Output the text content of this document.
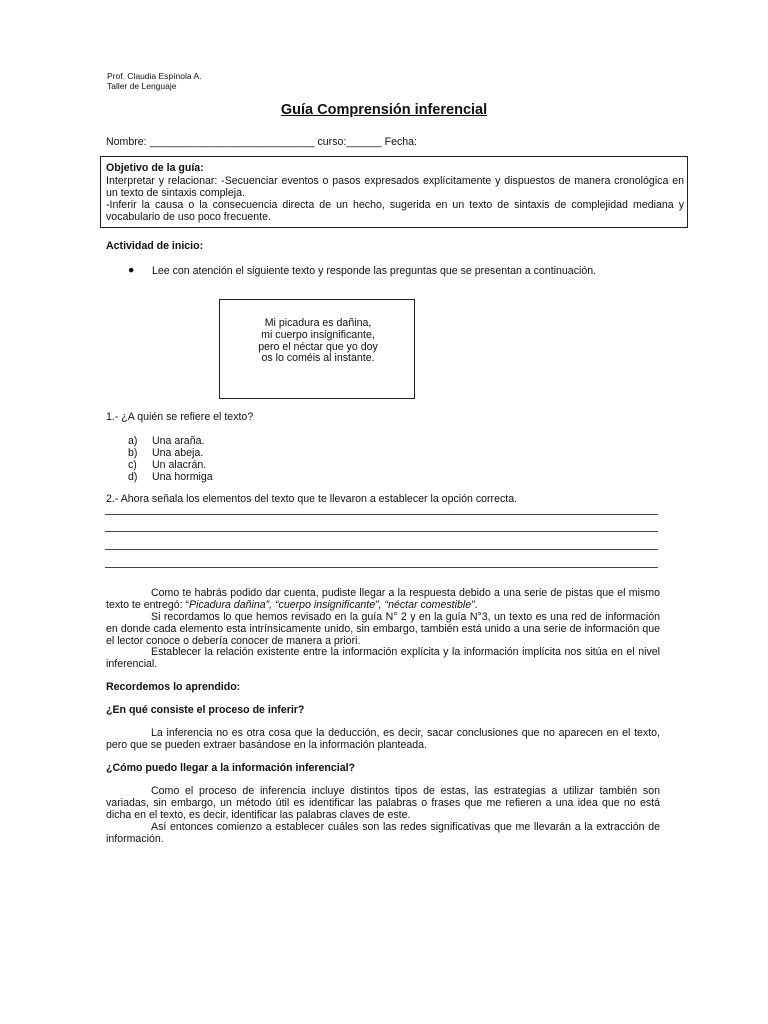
Prof. Claudia Espínola A.
Taller de Lenguaje
Guía Comprensión inferencial
Nombre: ____________________________ curso:______ Fecha:
Objetivo de la guía:
Interpretar y relacionar: -Secuenciar eventos o pasos expresados explícitamente y dispuestos de manera cronológica en un texto de sintaxis compleja.
-Inferir la causa o la consecuencia directa de un hecho, sugerida en un texto de sintaxis de complejidad mediana y vocabulario de uso poco frecuente.
Actividad de inicio:
● Lee con atención el siguiente texto y responde las preguntas que se presentan a continuación.
Mi picadura es dañina,
mi cuerpo insignificante,
pero el néctar que yo doy
os lo coméis al instante.
1.- ¿A quién se refiere el texto?
a) Una araña.
b) Una abeja.
c) Un alacrán.
d) Una hormiga
2.- Ahora señala los elementos del texto que te llevaron a establecer la opción correcta.
Como te habrás podido dar cuenta, pudiste llegar a la respuesta debido a una serie de pistas que el mismo texto te entregó: “Picadura dañina”, “cuerpo insignificante”, “néctar comestible”.
Si recordamos lo que hemos revisado en la guía N° 2 y en la guía N°3, un texto es una red de información en donde cada elemento esta intrínsicamente unido, sin embargo, también está unido a una serie de información que el lector conoce o debería conocer de manera a priori.
Establecer la relación existente entre la información explícita y la información implícita nos sitúa en el nivel inferencial.
Recordemos lo aprendido:
¿En qué consiste el proceso de inferir?
La inferencia no es otra cosa que la deducción, es decir, sacar conclusiones que no aparecen en el texto, pero que se pueden extraer basándose en la información planteada.
¿Cómo puedo llegar a la información inferencial?
Como el proceso de inferencia incluye distintos tipos de estas, las estrategias a utilizar también son variadas, sin embargo, un método útil es identificar las palabras o frases que me refieren a una idea que no está dicha en el texto, es decir, identificar las palabras claves de este.
Así entonces comienzo a establecer cuáles son las redes significativas que me llevarán a la extracción de información.
